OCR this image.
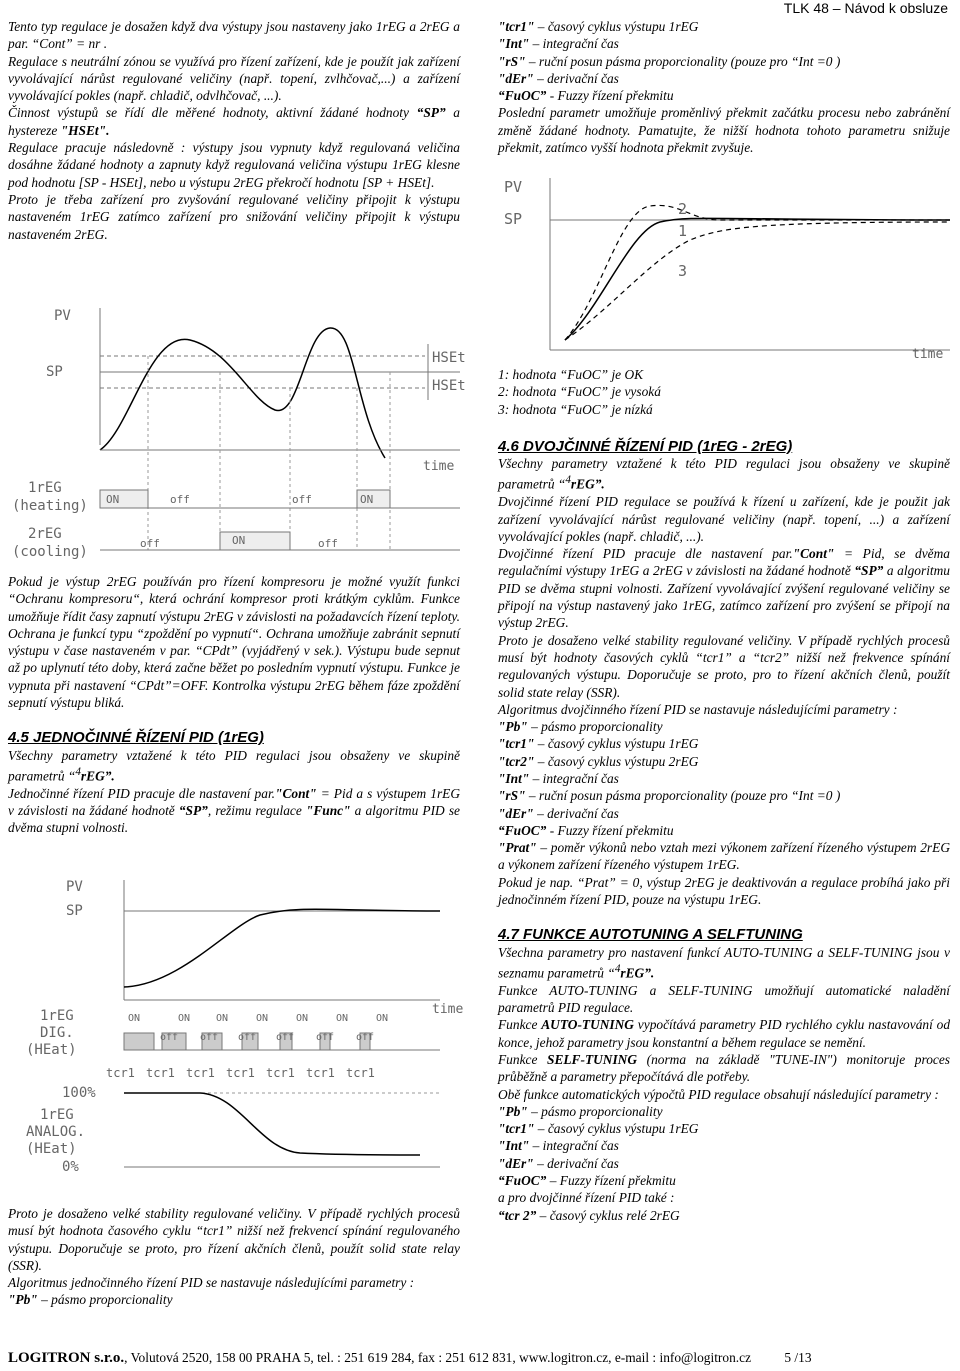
TLK 48 – Návod k obsluze

Tento typ regulace je dosažen když dva výstupy jsou nastaveny jako 1rEG a 2rEG a par. “Cont” = nr .

Regulace s neutrální zónou se využívá pro řízení zařízení, kde je použít jak zařízení vyvolávající nárůst regulované veličiny (např. topení, zvlhčovač,...) a zařízení vyvolávající pokles (např. chladič, odvlhčovač, ...).

Činnost výstupů se řídí dle měřené hodnoty, aktivní žádané hodnoty “SP” a hystereze "HSEt".

Regulace pracuje následovně : výstupy jsou vypnuty když regulovaná veličina dosáhne žádané hodnoty a zapnuty když regulovaná veličina výstupu 1rEG klesne pod hodnotu [SP - HSEt], nebo u výstupu 2rEG překročí hodnotu [SP + HSEt].

Proto je třeba zařízení pro zvyšování regulované veličiny připojit k výstupu nastaveném 1rEG zatímco zařízení pro snižování veličiny připojit k výstupu nastaveném 2rEG.

PV
SP
HSEt
HSEt
time
1rEG
(heating) ON	off	off	ON
2rEG
(cooling)
off	ON	off

Pokud je výstup 2rEG používán pro řízení kompresoru je možné využít funkci “Ochranu kompresoru“, která ochrání kompresor proti krátkým cyklům. Funkce umožňuje řídit časy zapnutí výstupu 2rEG v závislosti na požadavcích řízení teploty. Ochrana je funkcí typu “zpoždění po vypnutí“. Ochrana umožňuje zabránit sepnutí výstupu v čase nastaveném v par. “CPdt” (vyjádřený v sek.). Výstupu bude sepnut až po uplynutí této doby, která začne běžet po posledním vypnutí výstupu. Funkce je vypnuta při nastavení “CPdt”=OFF. Kontrolka výstupu 2rEG během fáze zpoždění sepnutí výstupu bliká.

4.5 JEDNOČINNÉ ŘÍZENÍ PID (1rEG)

Všechny parametry vztažené k této PID regulaci jsou obsaženy ve skupině parametrů “$^4$rEG”.

Jednočinné řízení PID pracuje dle nastavení par."Cont" = Pid a s výstupem 1rEG v závislosti na žádané hodnotě “SP”, režimu regulace "Func" a algoritmu PID se dvěma stupni volnosti.

PV
SP
time
1rEG
DIG.
(HEat)
ON	ON	ON	ON	ON	ON	ON
off off off off off off
tcr1 tcr1 tcr1 tcr1 tcr1 tcr1 tcr1
100%
1rEG
ANALOG.
(HEat)
0%

Proto je dosaženo velké stability regulované veličiny. V případě rychlých procesů musí být hodnota časového cyklu “tcr1” nižší než frekvencí spínání regulovaného výstupu. Doporučuje se proto, pro řízení akčních členů, použít solid state relay (SSR).

Algoritmus jednočinného řízení PID se nastavuje následujícími parametry :

"Pb" – pásmo proporcionality

"tcr1" – časový cyklus výstupu 1rEG

"Int" – integrační čas

"rS" – ruční posun pásma proporcionality (pouze pro “Int =0 )

"dEr" – derivační čas

“FuOC” - Fuzzy řízení překmitu

Poslední parametr umožňuje proměnlivý překmit začátku procesu nebo zabránění změně žádané hodnoty. Pamatujte, že nižší hodnota tohoto parametru snižuje překmit, zatímco vyšší hodnota překmit zvyšuje.

PV
SP
2
1
3
time

1: hodnota “FuOC” je OK

2: hodnota “FuOC” je vysoká

3: hodnota “FuOC” je nízká

4.6 DVOJČINNÉ ŘÍZENÍ PID (1rEG - 2rEG)

Všechny parametry vztažené k této PID regulaci jsou obsaženy ve skupině parametrů “$^4$rEG”.

Dvojčinné řízení PID regulace se používá k řízení u zařízení, kde je použit jak zařízení vyvolávající nárůst regulované veličiny (např. topení, ...) a zařízení vyvolávající pokles (např. chladič, ...).

Dvojčinné řízení PID pracuje dle nastavení par."Cont" = Pid, se dvěma regulačními výstupy 1rEG a 2rEG v závislosti na žádané hodnotě “SP” a algoritmu PID se dvěma stupni volnosti. Zařízení vyvolávající zvýšení regulované veličiny se připojí na výstup nastavený jako 1rEG, zatímco zařízení pro zvýšení se připojí na výstup 2rEG.

Proto je dosaženo velké stability regulované veličiny. V případě rychlých procesů musí být hodnoty časových cyklů “tcr1” a “tcr2” nižší než frekvence spínání regulovaných výstupu. Doporučuje se proto, pro to řízení akčních členů, použít solid state relay (SSR).

Algoritmus dvojčinného řízení PID se nastavuje následujícími parametry :

"Pb" – pásmo proporcionality

"tcr1" – časový cyklus výstupu 1rEG

"tcr2" – časový cyklus výstupu 2rEG

"Int" – integrační čas

"rS" – ruční posun pásma proporcionality (pouze pro “Int =0 )

"dEr" – derivační čas

“FuOC” - Fuzzy řízení překmitu

"Prat" – poměr výkonů nebo vztah mezi výkonem zařízení řízeného výstupem 2rEG a výkonem zařízení řízeného výstupem 1rEG.

Pokud je nap. “Prat” = 0, výstup 2rEG je deaktivován a regulace probíhá jako při jednočinném řízení PID, pouze na výstupu 1rEG.

4.7 FUNKCE AUTOTUNING A SELFTUNING

Všechna parametry pro nastavení funkcí AUTO-TUNING a SELF-TUNING jsou v seznamu parametrů “$^4$rEG”.

Funkce AUTO-TUNING a SELF-TUNING umožňují automatické naladění parametrů PID regulace.

Funkce AUTO-TUNING vypočítává parametry PID rychlého cyklu nastavování od konce, jehož parametry jsou konstantní a během regulace se nemění.

Funkce SELF-TUNING (norma na základě "TUNE-IN") monitoruje proces průběžně a parametry přepočítává dle potřeby.

Obě funkce automatických výpočtů PID regulace obsahují následující parametry :

"Pb" – pásmo proporcionality

"tcr1" – časový cyklus výstupu 1rEG

"Int" – integrační čas

"dEr" – derivační čas

“FuOC” – Fuzzy řízení překmitu

a pro dvojčinné řízení PID také :

“tcr 2” – časový cyklus relé 2rEG

LOGITRON s.r.o., Volutová 2520, 158 00 PRAHA 5, tel. : 251 619 284, fax : 251 612 831, www.logitron.cz, e-mail : info@logitron.cz 5 /13
